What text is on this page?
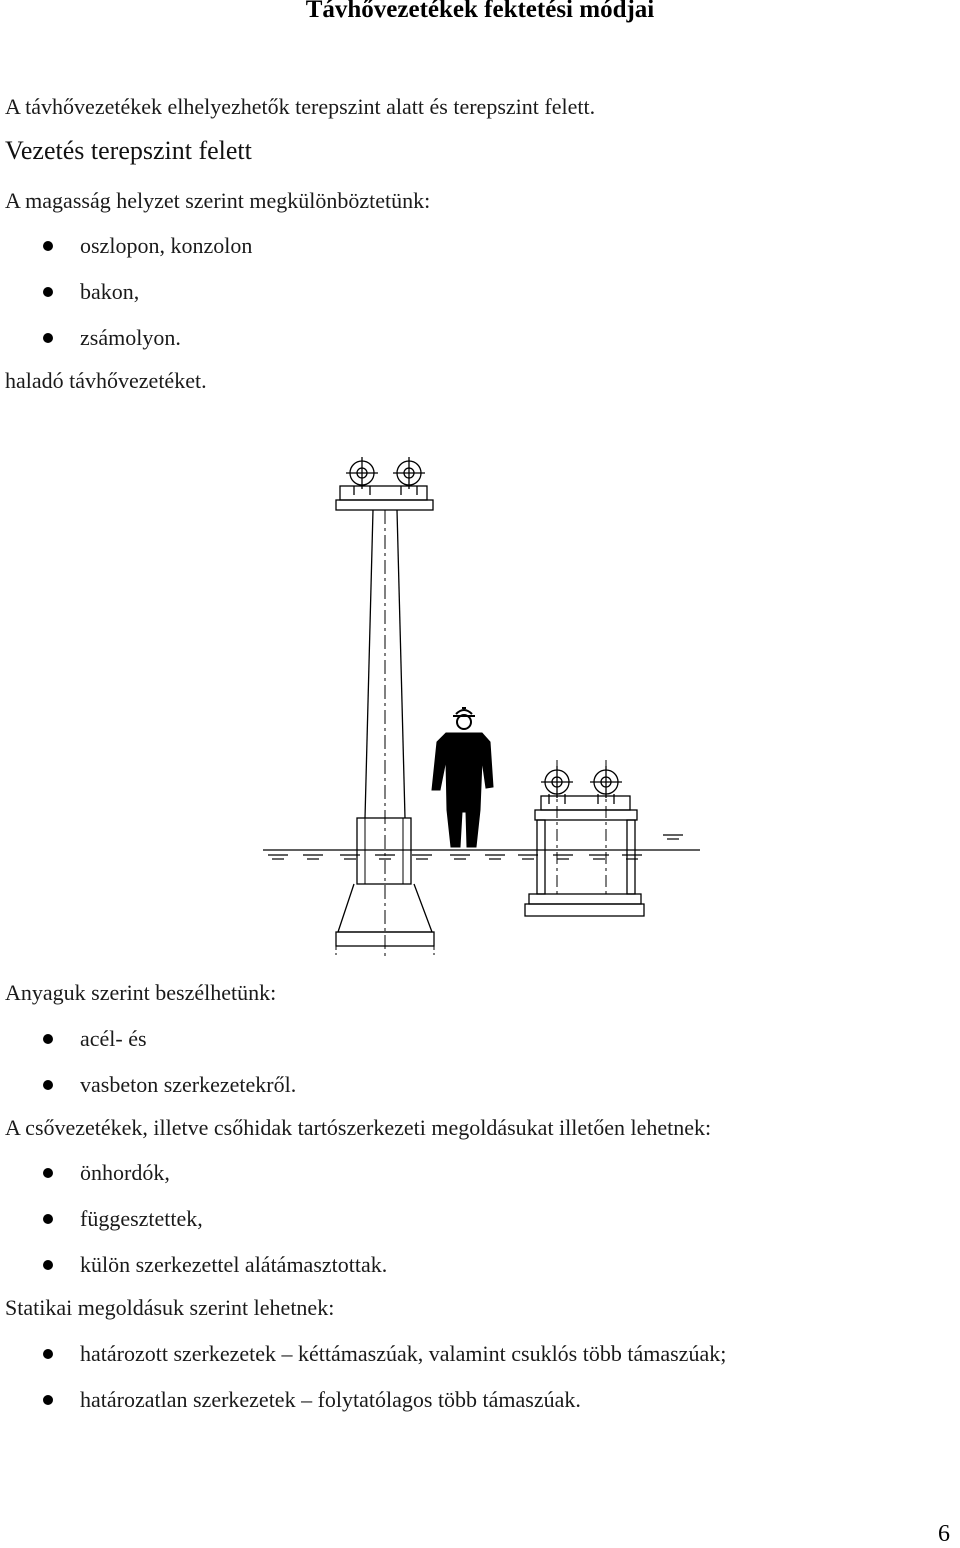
Távhővezetékek fektetési módjai
A távhővezetékek elhelyezhetők terepszint alatt és terepszint felett.
Vezetés terepszint felett
A magasság helyzet szerint megkülönböztetünk:
oszlopon, konzolon
bakon,
zsámolyon.
haladó távhővezetéket.
Anyaguk szerint beszélhetünk:
acél- és
vasbeton szerkezetekről.
A csővezetékek, illetve csőhidak tartószerkezeti megoldásukat illetően lehetnek:
önhordók,
függesztettek,
külön szerkezettel alátámasztottak.
Statikai megoldásuk szerint lehetnek:
határozott szerkezetek – kéttámaszúak, valamint csuklós több támaszúak;
határozatlan szerkezetek – folytatólagos több támaszúak.
6
